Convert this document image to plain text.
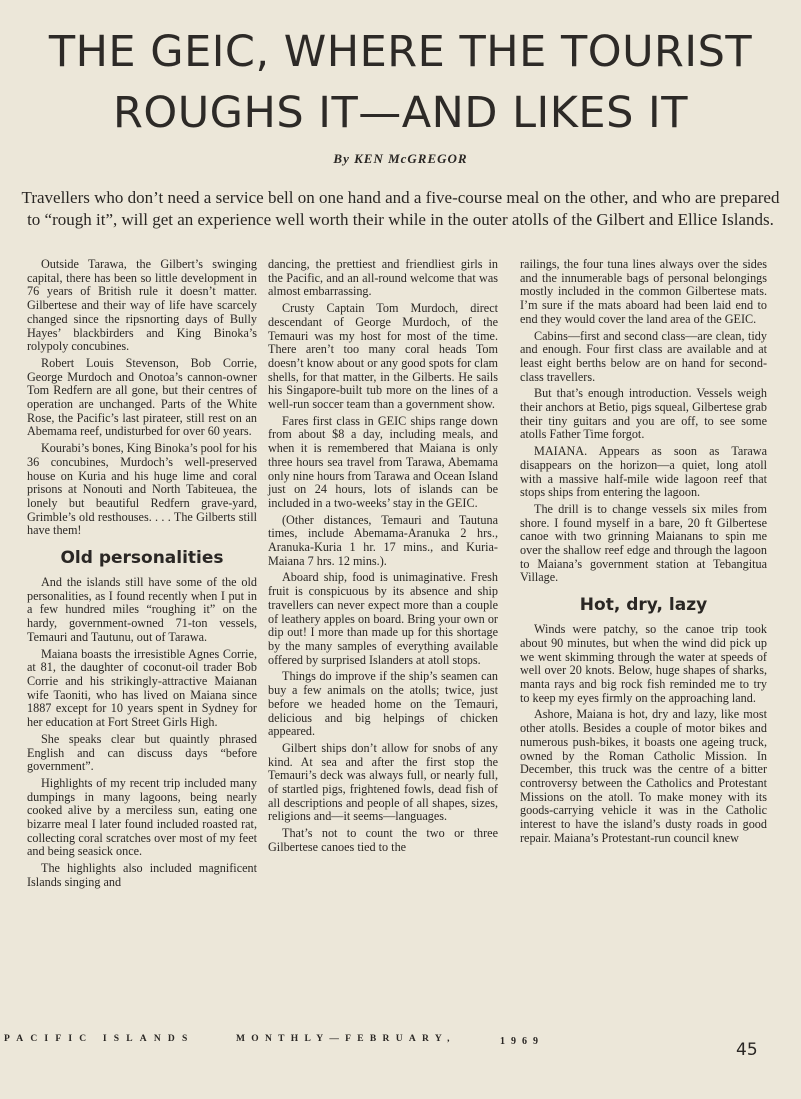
THE GEIC, WHERE THE TOURIST
ROUGHS IT—AND LIKES IT
By KEN McGREGOR
Travellers who don’t need a service bell on one hand and a five-course meal on the other, and who are prepared to “rough it”, will get an experience well worth their while in the outer atolls of the Gilbert and Ellice Islands.

Outside Tarawa, the Gilbert’s swinging capital, there has been so little development in 76 years of British rule it doesn’t matter. Gilbertese and their way of life have scarcely changed since the ripsnorting days of Bully Hayes’ blackbirders and King Binoka’s rolypoly concubines.

Robert Louis Stevenson, Bob Corrie, George Murdoch and Onotoa’s cannon-owner Tom Redfern are all gone, but their centres of operation are unchanged. Parts of the White Rose, the Pacific’s last pirateer, still rest on an Abemama reef, undisturbed for over 60 years.

Kourabi’s bones, King Binoka’s pool for his 36 concubines, Murdoch’s well-preserved house on Kuria and his huge lime and coral prisons at Nonouti and North Tabiteuea, the lonely but beautiful Redfern grave-yard, Grimble’s old resthouses. . . . The Gilberts still have them!

Old personalities

And the islands still have some of the old personalities, as I found recently when I put in a few hundred miles “roughing it” on the hardy, government-owned 71-ton vessels, Temauri and Tautunu, out of Tarawa.

Maiana boasts the irresistible Agnes Corrie, at 81, the daughter of coconut-oil trader Bob Corrie and his strikingly-attractive Maianan wife Taoniti, who has lived on Maiana since 1887 except for 10 years spent in Sydney for her education at Fort Street Girls High.

She speaks clear but quaintly phrased English and can discuss days “before government”.

Highlights of my recent trip included many dumpings in many lagoons, being nearly cooked alive by a merciless sun, eating one bizarre meal I later found included roasted rat, collecting coral scratches over most of my feet and being seasick once.

The highlights also included magnificent Islands singing and

dancing, the prettiest and friendliest girls in the Pacific, and an all-round welcome that was almost embarrassing.

Crusty Captain Tom Murdoch, direct descendant of George Murdoch, of the Temauri was my host for most of the time. There aren’t too many coral heads Tom doesn’t know about or any good spots for clam shells, for that matter, in the Gilberts. He sails his Singapore-built tub more on the lines of a well-run soccer team than a government show.

Fares first class in GEIC ships range down from about $8 a day, including meals, and when it is remembered that Maiana is only three hours sea travel from Tarawa, Abemama only nine hours from Tarawa and Ocean Island just on 24 hours, lots of islands can be included in a two-weeks’ stay in the GEIC.

(Other distances, Temauri and Tautuna times, include Abemama-Aranuka 2 hrs., Aranuka-Kuria 1 hr. 17 mins., and Kuria-Maiana 7 hrs. 12 mins.).

Aboard ship, food is unimaginative. Fresh fruit is conspicuous by its absence and ship travellers can never expect more than a couple of leathery apples on board. Bring your own or dip out! I more than made up for this shortage by the many samples of everything available offered by surprised Islanders at atoll stops.

Things do improve if the ship’s seamen can buy a few animals on the atolls; twice, just before we headed home on the Temauri, delicious and big helpings of chicken appeared.

Gilbert ships don’t allow for snobs of any kind. At sea and after the first stop the Temauri’s deck was always full, or nearly full, of startled pigs, frightened fowls, dead fish of all descriptions and people of all shapes, sizes, religions and—it seems—languages.

That’s not to count the two or three Gilbertese canoes tied to the

railings, the four tuna lines always over the sides and the innumerable bags of personal belongings mostly included in the common Gilbertese mats. I’m sure if the mats aboard had been laid end to end they would cover the land area of the GEIC.

Cabins—first and second class—are clean, tidy and enough. Four first class are available and at least eight berths below are on hand for second-class travellers.

But that’s enough introduction. Vessels weigh their anchors at Betio, pigs squeal, Gilbertese grab their tiny guitars and you are off, to see some atolls Father Time forgot.

MAIANA. Appears as soon as Tarawa disappears on the horizon—a quiet, long atoll with a massive half-mile wide lagoon reef that stops ships from entering the lagoon.

The drill is to change vessels six miles from shore. I found myself in a bare, 20 ft Gilbertese canoe with two grinning Maianans to spin me over the shallow reef edge and through the lagoon to Maiana’s government station at Tebangitua Village.

Hot, dry, lazy

Winds were patchy, so the canoe trip took about 90 minutes, but when the wind did pick up we went skimming through the water at speeds of well over 20 knots. Below, huge shapes of sharks, manta rays and big rock fish reminded me to try to keep my eyes firmly on the approaching land.

Ashore, Maiana is hot, dry and lazy, like most other atolls. Besides a couple of motor bikes and numerous push-bikes, it boasts one ageing truck, owned by the Roman Catholic Mission. In December, this truck was the centre of a bitter controversy between the Catholics and Protestant Missions on the atoll. To make money with its goods-carrying vehicle it was in the Catholic interest to have the island’s dusty roads in good repair. Maiana’s Protestant-run council knew

PACIFIC ISLANDS	MONTHLY—FEBRUARY,	1969	45
